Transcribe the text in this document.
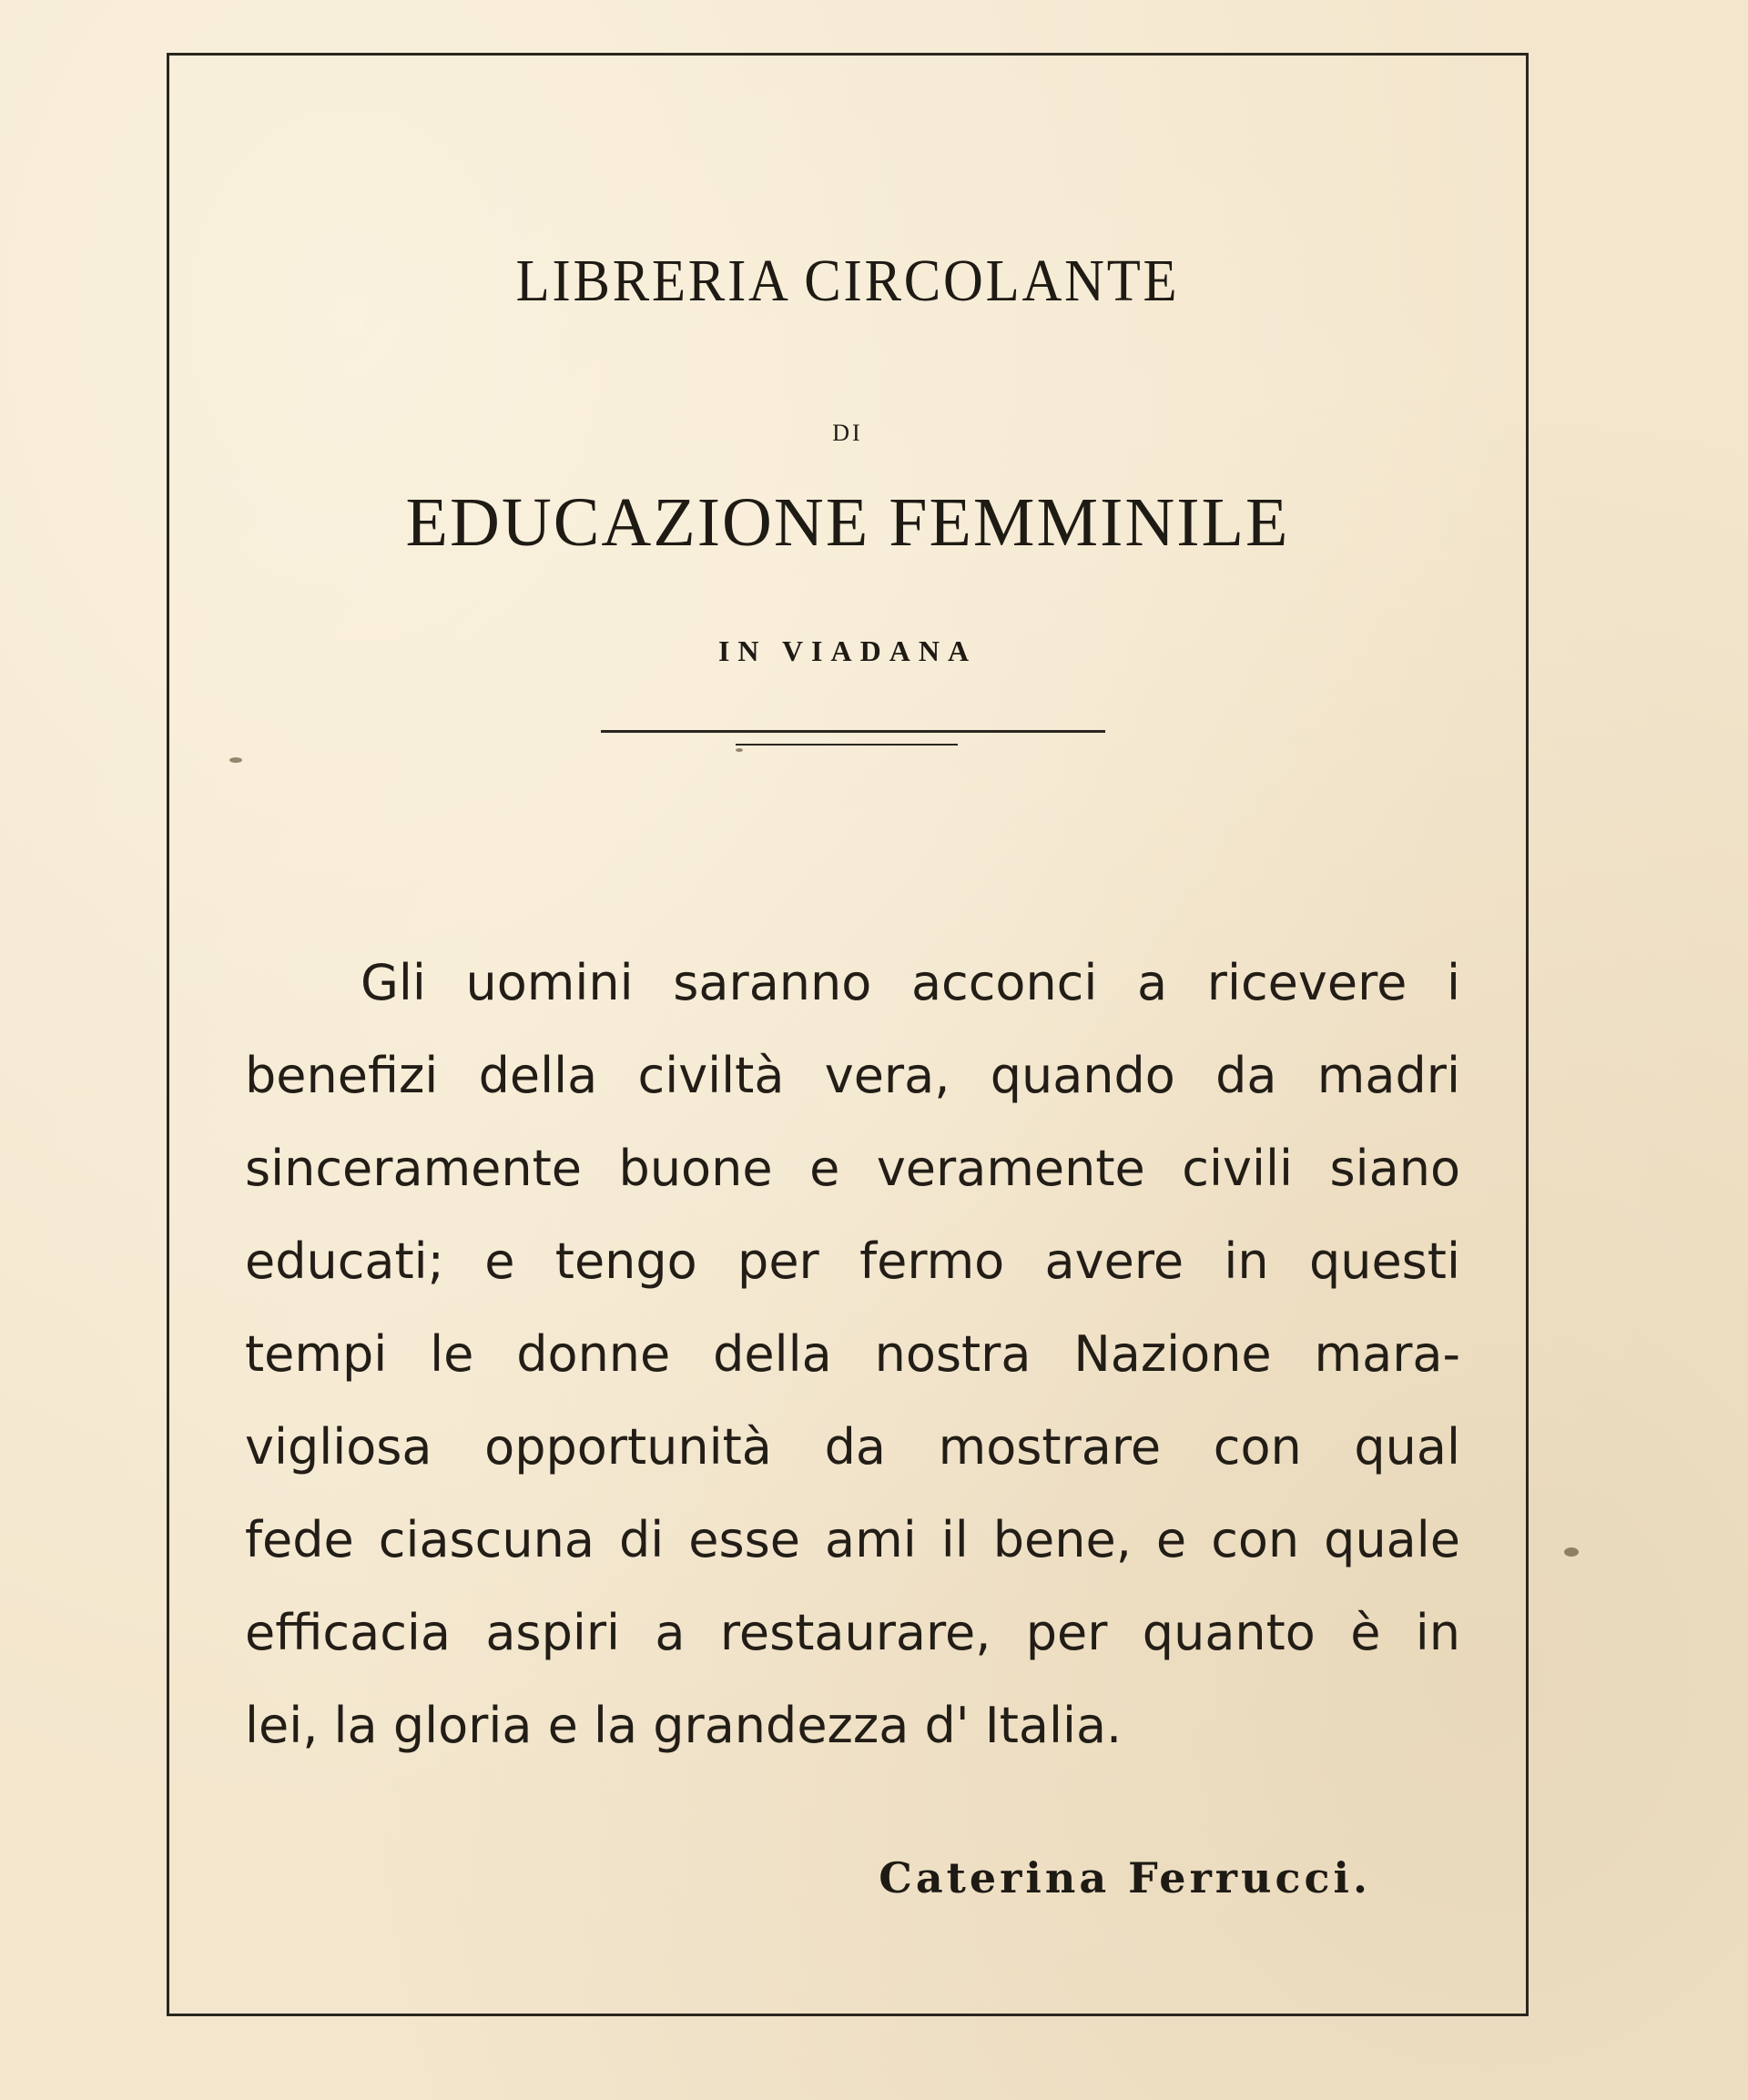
LIBRERIA CIRCOLANTE
DI
EDUCAZIONE FEMMINILE
IN VIADANA
Gli uomini saranno acconci a ricevere i
benefizi della civiltà vera, quando da madri
sinceramente buone e veramente civili siano
educati; e tengo per fermo avere in questi
tempi le donne della nostra Nazione mara-
vigliosa opportunità da mostrare con qual
fede ciascuna di esse ami il bene, e con quale
efficacia aspiri a restaurare, per quanto è in
lei, la gloria e la grandezza d' Italia.
Caterina Ferrucci.
